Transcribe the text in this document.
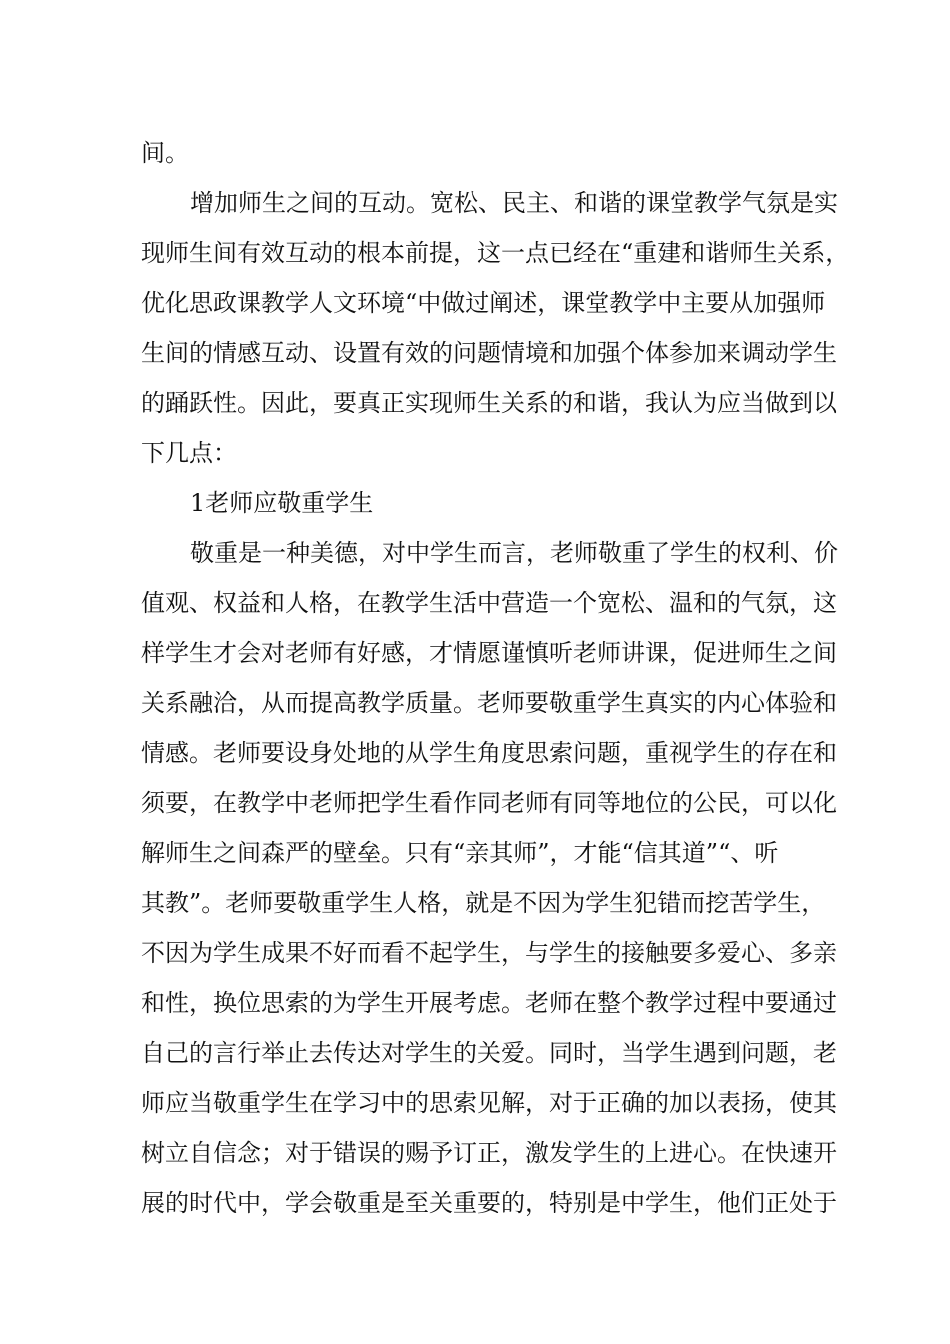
间。
增加师生之间的互动。宽松、民主、和谐的课堂教学气氛是实
现师生间有效互动的根本前提，这一点已经在“重建和谐师生关系，
优化思政课教学人文环境“中做过阐述，课堂教学中主要从加强师
生间的情感互动、设置有效的问题情境和加强个体参加来调动学生
的踊跃性。因此，要真正实现师生关系的和谐，我认为应当做到以
下几点：
1老师应敬重学生
敬重是一种美德，对中学生而言，老师敬重了学生的权利、价
值观、权益和人格，在教学生活中营造一个宽松、温和的气氛，这
样学生才会对老师有好感，才情愿谨慎听老师讲课，促进师生之间
关系融洽，从而提高教学质量。老师要敬重学生真实的内心体验和
情感。老师要设身处地的从学生角度思索问题，重视学生的存在和
须要，在教学中老师把学生看作同老师有同等地位的公民，可以化
解师生之间森严的壁垒。只有“亲其师”，才能“信其道”“、听
其教”。老师要敬重学生人格，就是不因为学生犯错而挖苦学生，
不因为学生成果不好而看不起学生，与学生的接触要多爱心、多亲
和性，换位思索的为学生开展考虑。老师在整个教学过程中要通过
自己的言行举止去传达对学生的关爱。同时，当学生遇到问题，老
师应当敬重学生在学习中的思索见解，对于正确的加以表扬，使其
树立自信念；对于错误的赐予订正，激发学生的上进心。在快速开
展的时代中，学会敬重是至关重要的，特别是中学生，他们正处于
